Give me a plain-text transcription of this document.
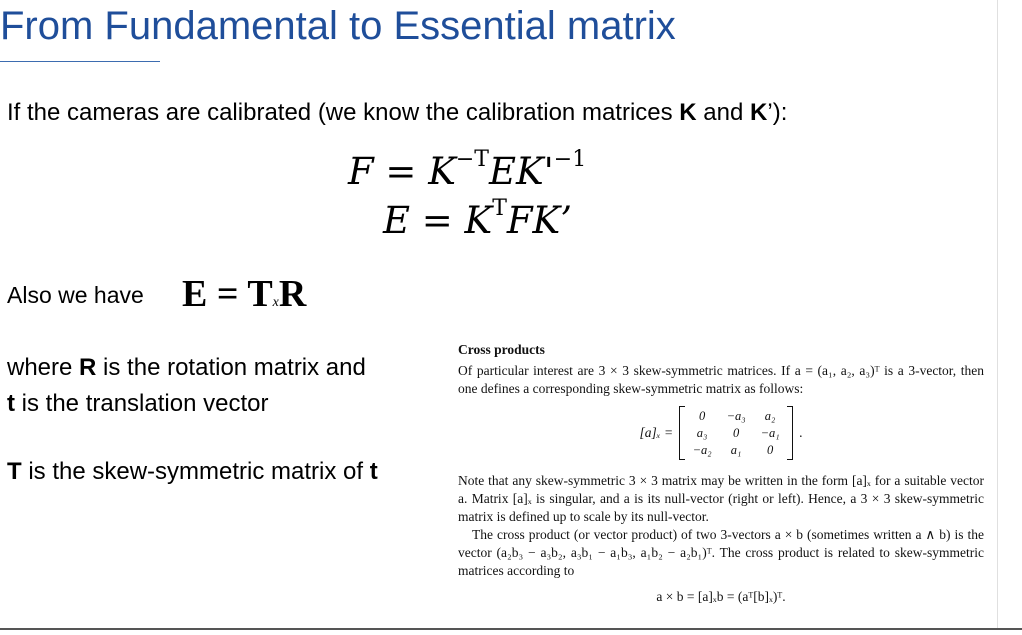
From Fundamental to Essential matrix
If the cameras are calibrated (we know the calibration matrices K and K’):
$F = K^{-T}EK'^{-1}$
$E = K^TFK$’
Also we have E = TxR
where R is the rotation matrix and
t is the translation vector
T is the skew-symmetric matrix of t
Cross products

Of particular interest are 3 × 3 skew-symmetric matrices. If a = (a₁, a₂, a₃)ᵀ is a 3-vector, then one defines a corresponding skew-symmetric matrix as follows:

[a]ₓ =
0	−a₃	a₂
a₃	0	−a₁
−a₂	a₁	0
.

Note that any skew-symmetric 3 × 3 matrix may be written in the form [a]ₓ for a suitable vector a. Matrix [a]ₓ is singular, and a is its null-vector (right or left). Hence, a 3 × 3 skew-symmetric matrix is defined up to scale by its null-vector.

The cross product (or vector product) of two 3-vectors a × b (sometimes written a ∧ b) is the vector (a₂b₃ − a₃b₂, a₃b₁ − a₁b₃, a₁b₂ − a₂b₁)ᵀ. The cross product is related to skew-symmetric matrices according to

a × b = [a]ₓb = (aᵀ[b]ₓ)ᵀ.
